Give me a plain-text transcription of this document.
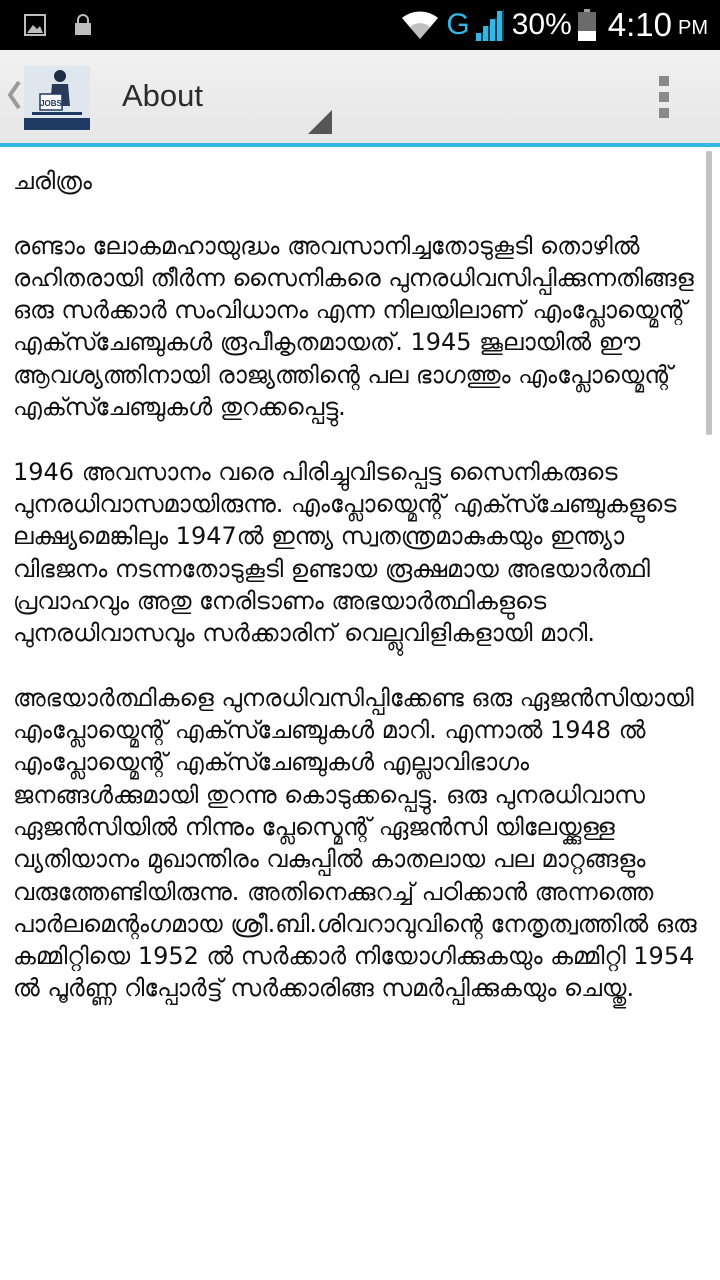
G 30% 4:10 PM
JOBS About

ചരിത്രം

രണ്ടാം ലോകമഹായുദ്ധം അവസാനിച്ചതോടുകൂടി തൊഴിൽ രഹിതരായി തീർന്ന സൈനികരെ പുനരധിവസിപ്പിക്കുന്നതിങ്ങള ഒരു സർക്കാർ സംവിധാനം എന്ന നിലയിലാണ് എംപ്ലോയ്മെന്റ് എക്സ്ചേഞ്ചുകൾ രൂപീകൃതമായത്. 1945 ജൂലായിൽ ഈ ആവശ്യത്തിനായി രാജ്യത്തിന്റെ പല ഭാഗത്തും എംപ്ലോയ്മെന്റ് എക്സ്ചേഞ്ചുകൾ തുറക്കപ്പെട്ടു.

1946 അവസാനം വരെ പിരിച്ചുവിടപ്പെട്ട സൈനികരുടെ പുനരധിവാസമായിരുന്നു. എംപ്ലോയ്മെന്റ് എക്സ്ചേഞ്ചുകളുടെ ലക്ഷ്യമെങ്കിലും 1947ൽ ഇന്ത്യ സ്വതന്ത്രമാകുകയും ഇന്ത്യാ വിഭജനം നടന്നതോടുകൂടി ഉണ്ടായ രൂക്ഷമായ അഭയാർത്ഥി പ്രവാഹവും അതു നേരിടാണം അഭയാർത്ഥികളുടെ പുനരധിവാസവും സർക്കാരിന് വെല്ലുവിളികളായി മാറി.

അഭയാർത്ഥികളെ പുനരധിവസിപ്പിക്കേണ്ട ഒരു ഏജൻസിയായി എംപ്ലോയ്മെന്റ് എക്സ്ചേഞ്ചുകൾ മാറി. എന്നാൽ 1948 ൽ എംപ്ലോയ്മെന്റ് എക്സ്ചേഞ്ചുകൾ എല്ലാവിഭാഗം ജനങ്ങൾക്കുമായി തുറന്നു കൊടുക്കപ്പെട്ടു. ഒരു പുനരധിവാസ ഏജൻസിയിൽ നിന്നും പ്ലേസ്മെന്റ് ഏജൻസി യിലേയ്ക്കുള്ള വ്യതിയാനം മുഖാന്തിരം വകുപ്പിൽ കാതലായ പല മാറ്റങ്ങളും വരുത്തേണ്ടിയിരുന്നു. അതിനെക്കുറച്ച് പഠിക്കാൻ അന്നത്തെ പാർലമെന്റംഗമായ ശ്രീ.ബി.ശിവറാവുവിന്റെ നേതൃത്വത്തിൽ ഒരു കമ്മിറ്റിയെ 1952 ൽ സർക്കാർ നിയോഗിക്കുകയും കമ്മിറ്റി 1954 ൽ പൂർണ്ണ റിപ്പോർട്ട് സർക്കാരിങ്ങ സമർപ്പിക്കുകയും ചെയ്തു.
